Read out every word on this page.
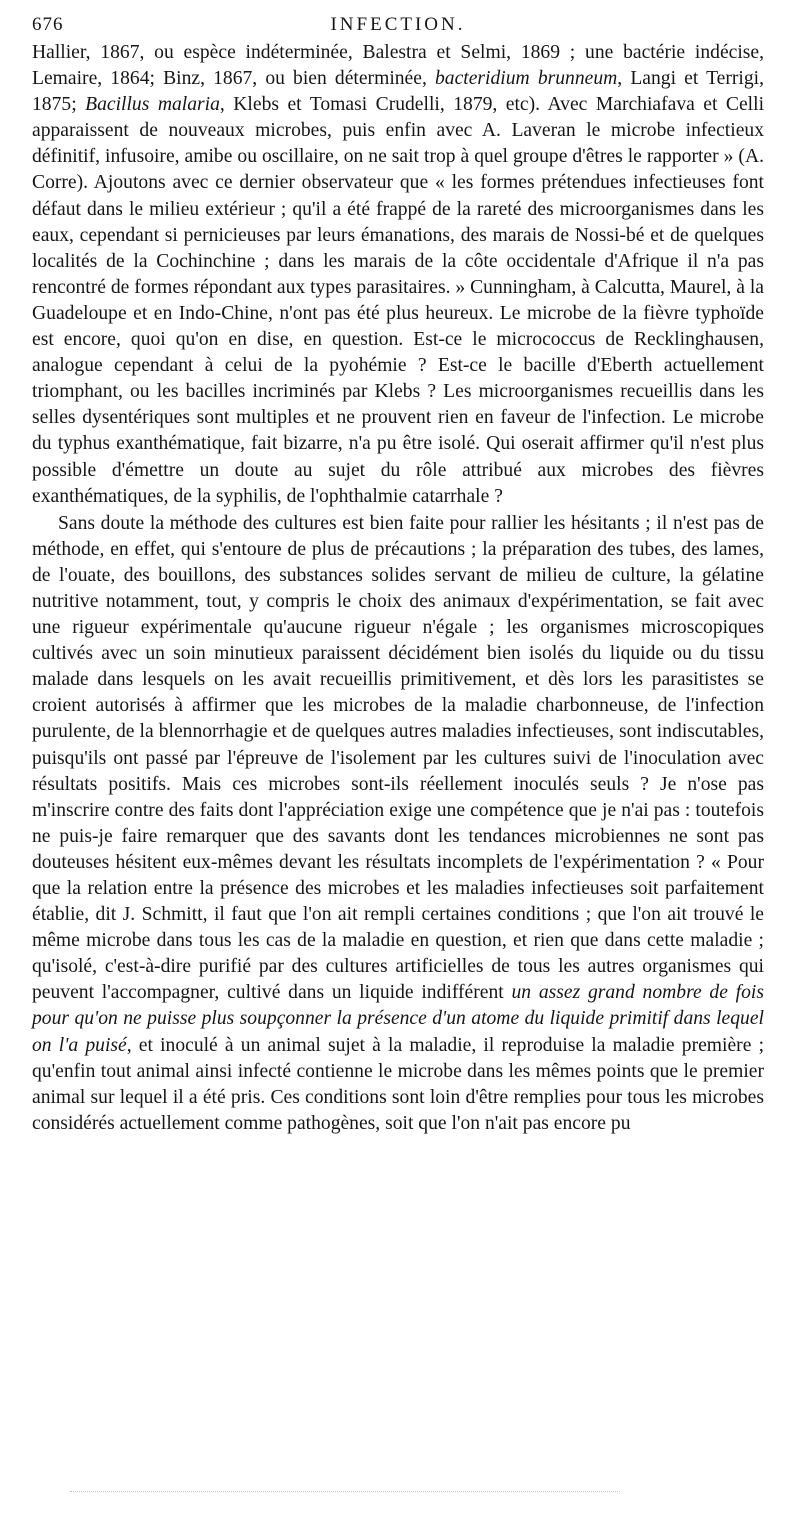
676	INFECTION.

Hallier, 1867, ou espèce indéterminée, Balestra et Selmi, 1869 ; une bactérie indécise, Lemaire, 1864; Binz, 1867, ou bien déterminée, bacteridium brunneum, Langi et Terrigi, 1875; Bacillus malaria, Klebs et Tomasi Crudelli, 1879, etc). Avec Marchiafava et Celli apparaissent de nouveaux microbes, puis enfin avec A. Laveran le microbe infectieux définitif, infusoire, amibe ou oscillaire, on ne sait trop à quel groupe d'êtres le rapporter » (A. Corre). Ajoutons avec ce dernier observateur que « les formes prétendues infectieuses font défaut dans le milieu extérieur ; qu'il a été frappé de la rareté des microorganismes dans les eaux, cependant si pernicieuses par leurs émanations, des marais de Nossi-bé et de quelques localités de la Cochinchine ; dans les marais de la côte occidentale d'Afrique il n'a pas rencontré de formes répondant aux types parasitaires. » Cunningham, à Calcutta, Maurel, à la Guadeloupe et en Indo-Chine, n'ont pas été plus heureux. Le microbe de la fièvre typhoïde est encore, quoi qu'on en dise, en question. Est-ce le micrococcus de Recklinghausen, analogue cependant à celui de la pyohémie ? Est-ce le bacille d'Eberth actuellement triomphant, ou les bacilles incriminés par Klebs ? Les microorganismes recueillis dans les selles dysentériques sont multiples et ne prouvent rien en faveur de l'infection. Le microbe du typhus exanthématique, fait bizarre, n'a pu être isolé. Qui oserait affirmer qu'il n'est plus possible d'émettre un doute au sujet du rôle attribué aux microbes des fièvres exanthématiques, de la syphilis, de l'ophthalmie catarrhale ?

Sans doute la méthode des cultures est bien faite pour rallier les hésitants ; il n'est pas de méthode, en effet, qui s'entoure de plus de précautions ; la préparation des tubes, des lames, de l'ouate, des bouillons, des substances solides servant de milieu de culture, la gélatine nutritive notamment, tout, y compris le choix des animaux d'expérimentation, se fait avec une rigueur expérimentale qu'aucune rigueur n'égale ; les organismes microscopiques cultivés avec un soin minutieux paraissent décidément bien isolés du liquide ou du tissu malade dans lesquels on les avait recueillis primitivement, et dès lors les parasitistes se croient autorisés à affirmer que les microbes de la maladie charbonneuse, de l'infection purulente, de la blennorrhagie et de quelques autres maladies infectieuses, sont indiscutables, puisqu'ils ont passé par l'épreuve de l'isolement par les cultures suivi de l'inoculation avec résultats positifs. Mais ces microbes sont-ils réellement inoculés seuls ? Je n'ose pas m'inscrire contre des faits dont l'appréciation exige une compétence que je n'ai pas : toutefois ne puis-je faire remarquer que des savants dont les tendances microbiennes ne sont pas douteuses hésitent eux-mêmes devant les résultats incomplets de l'expérimentation ? « Pour que la relation entre la présence des microbes et les maladies infectieuses soit parfaitement établie, dit J. Schmitt, il faut que l'on ait rempli certaines conditions ; que l'on ait trouvé le même microbe dans tous les cas de la maladie en question, et rien que dans cette maladie ; qu'isolé, c'est-à-dire purifié par des cultures artificielles de tous les autres organismes qui peuvent l'accompagner, cultivé dans un liquide indifférent un assez grand nombre de fois pour qu'on ne puisse plus soupçonner la présence d'un atome du liquide primitif dans lequel on l'a puisé, et inoculé à un animal sujet à la maladie, il reproduise la maladie première ; qu'enfin tout animal ainsi infecté contienne le microbe dans les mêmes points que le premier animal sur lequel il a été pris. Ces conditions sont loin d'être remplies pour tous les microbes considérés actuellement comme pathogènes, soit que l'on n'ait pas encore pu
